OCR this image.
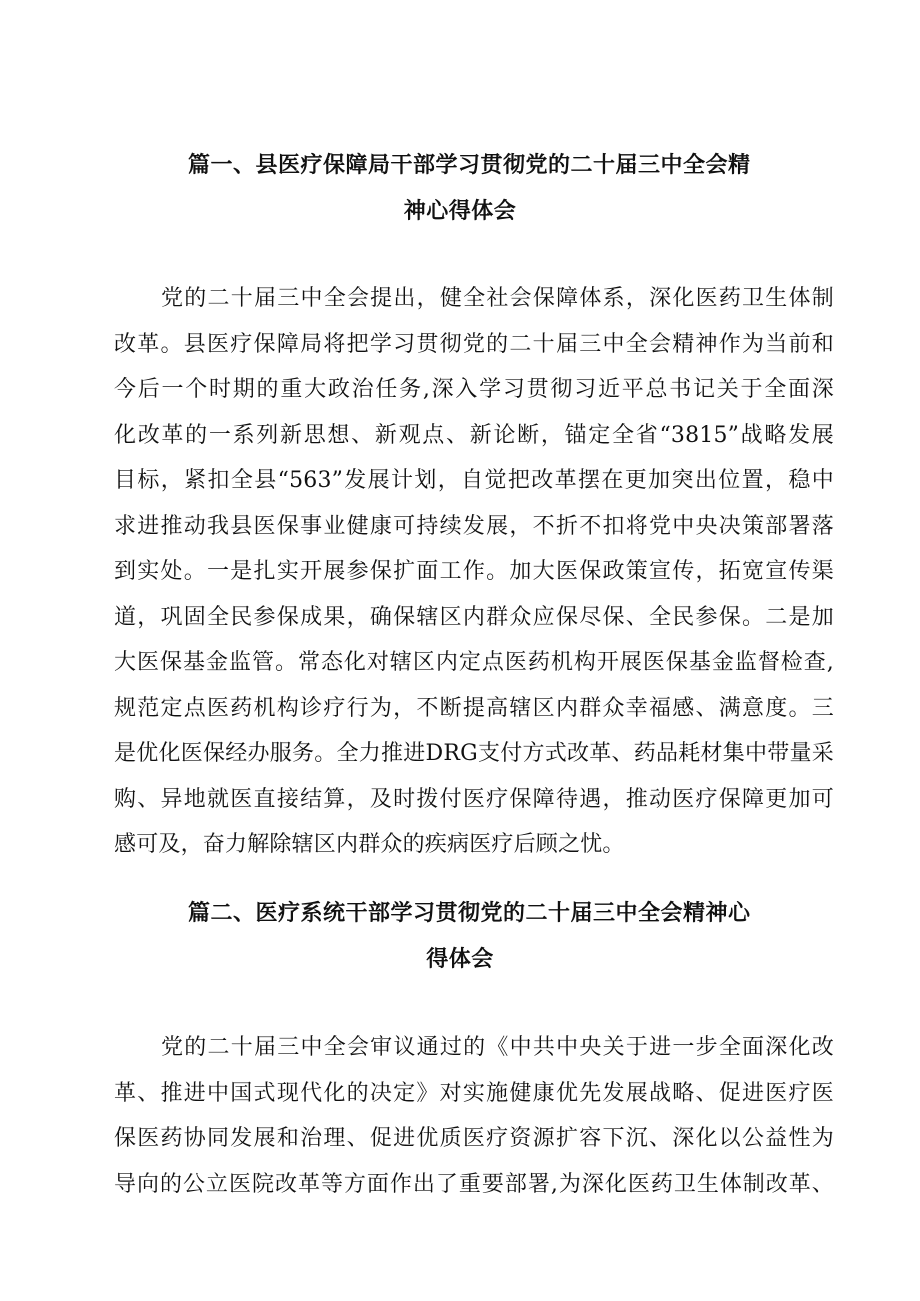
篇一、县医疗保障局干部学习贯彻党的二十届三中全会精
神心得体会
党的二十届三中全会提出，健全社会保障体系，深化医药卫生体制
改革。县医疗保障局将把学习贯彻党的二十届三中全会精神作为当前和
今后一个时期的重大政治任务,深入学习贯彻习近平总书记关于全面深
化改革的一系列新思想、新观点、新论断，锚定全省“3815”战略发展
目标，紧扣全县“563”发展计划，自觉把改革摆在更加突出位置，稳中
求进推动我县医保事业健康可持续发展，不折不扣将党中央决策部署落
到实处。一是扎实开展参保扩面工作。加大医保政策宣传，拓宽宣传渠
道，巩固全民参保成果，确保辖区内群众应保尽保、全民参保。二是加
大医保基金监管。常态化对辖区内定点医药机构开展医保基金监督检查,
规范定点医药机构诊疗行为，不断提高辖区内群众幸福感、满意度。三
是优化医保经办服务。全力推进DRG支付方式改革、药品耗材集中带量采
购、异地就医直接结算，及时拨付医疗保障待遇，推动医疗保障更加可
感可及，奋力解除辖区内群众的疾病医疗后顾之忧。
篇二、医疗系统干部学习贯彻党的二十届三中全会精神心
得体会
党的二十届三中全会审议通过的《中共中央关于进一步全面深化改
革、推进中国式现代化的决定》对实施健康优先发展战略、促进医疗医
保医药协同发展和治理、促进优质医疗资源扩容下沉、深化以公益性为
导向的公立医院改革等方面作出了重要部署,为深化医药卫生体制改革、
